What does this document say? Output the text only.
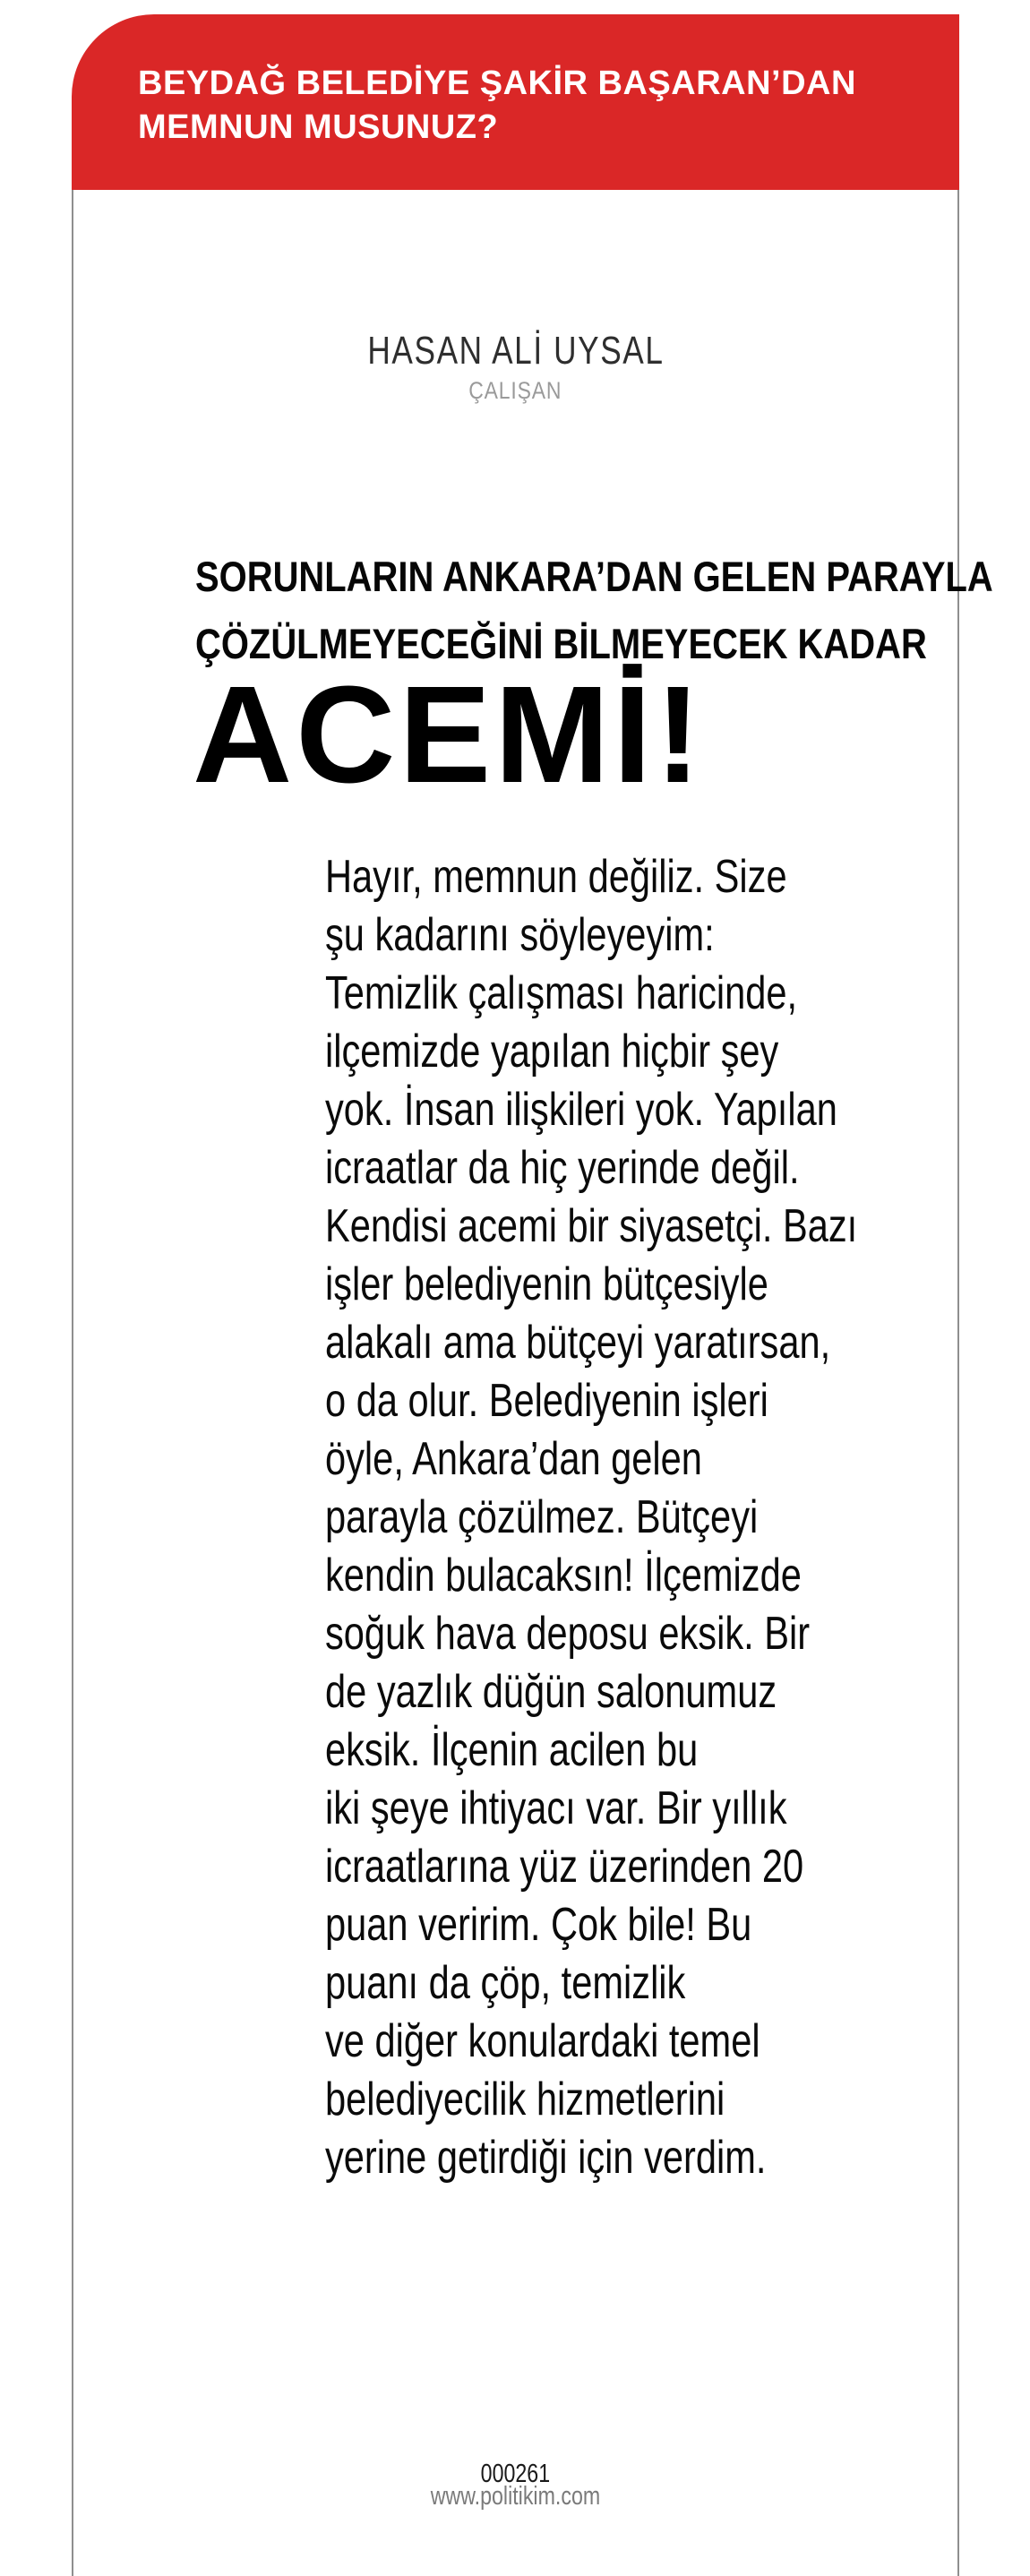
BEYDAĞ BELEDİYE ŞAKİR BAŞARAN’DAN
MEMNUN MUSUNUZ?
HASAN ALİ UYSAL
ÇALIŞAN
SORUNLARIN ANKARA’DAN GELEN PARAYLA
ÇÖZÜLMEYECEĞİNİ BİLMEYECEK KADAR
ACEMİ!
Hayır, memnun değiliz. Size
şu kadarını söyleyeyim:
Temizlik çalışması haricinde,
ilçemizde yapılan hiçbir şey
yok. İnsan ilişkileri yok. Yapılan
icraatlar da hiç yerinde değil.
Kendisi acemi bir siyasetçi. Bazı
işler belediyenin bütçesiyle
alakalı ama bütçeyi yaratırsan,
o da olur. Belediyenin işleri
öyle, Ankara’dan gelen
parayla çözülmez. Bütçeyi
kendin bulacaksın! İlçemizde
soğuk hava deposu eksik. Bir
de yazlık düğün salonumuz
eksik. İlçenin acilen bu
iki şeye ihtiyacı var. Bir yıllık
icraatlarına yüz üzerinden 20
puan veririm. Çok bile! Bu
puanı da çöp, temizlik
ve diğer konulardaki temel
belediyecilik hizmetlerini
yerine getirdiği için verdim.
000261
www.politikim.com
